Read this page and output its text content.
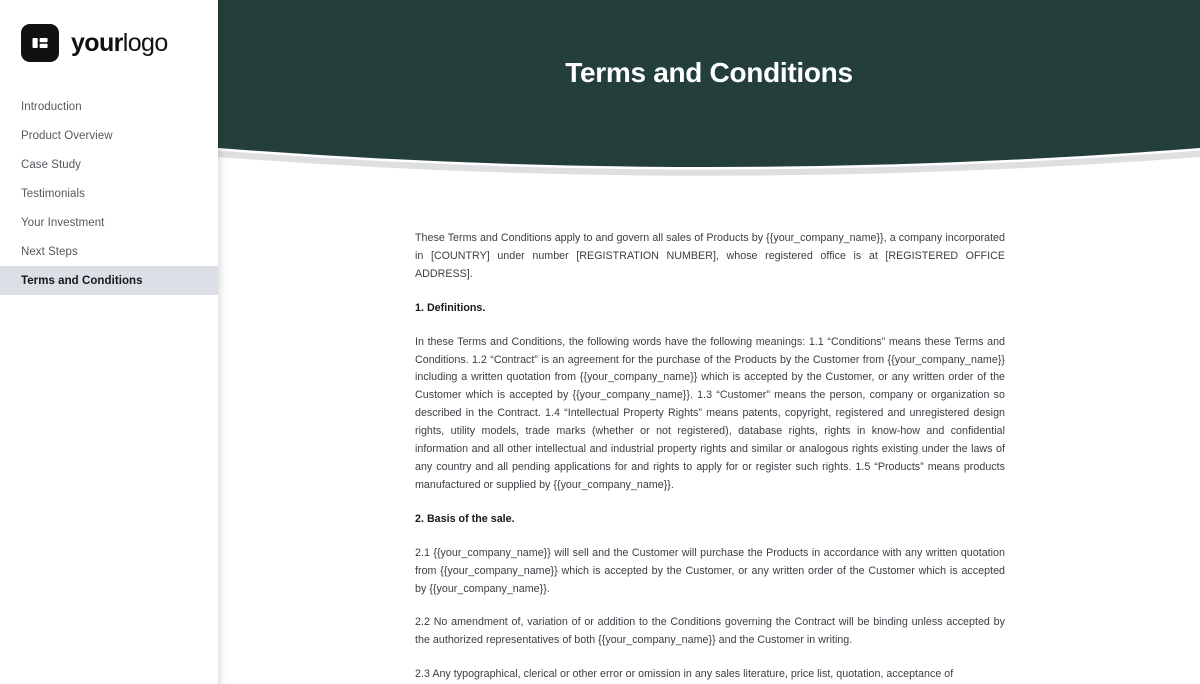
yourlogo
Introduction
Product Overview
Case Study
Testimonials
Your Investment
Next Steps
Terms and Conditions
Terms and Conditions

These Terms and Conditions apply to and govern all sales of Products by {{your_company_name}}, a company incorporated in [COUNTRY] under number [REGISTRATION NUMBER], whose registered office is at [REGISTERED OFFICE ADDRESS].

1. Definitions.

In these Terms and Conditions, the following words have the following meanings: 1.1 “Conditions” means these Terms and Conditions. 1.2 “Contract” is an agreement for the purchase of the Products by the Customer from {{your_company_name}} including a written quotation from {{your_company_name}} which is accepted by the Customer, or any written order of the Customer which is accepted by {{your_company_name}}. 1.3 “Customer” means the person, company or organization so described in the Contract. 1.4 “Intellectual Property Rights” means patents, copyright, registered and unregistered design rights, utility models, trade marks (whether or not registered), database rights, rights in know-how and confidential information and all other intellectual and industrial property rights and similar or analogous rights existing under the laws of any country and all pending applications for and rights to apply for or register such rights. 1.5 “Products” means products manufactured or supplied by {{your_company_name}}.

2. Basis of the sale.

2.1 {{your_company_name}} will sell and the Customer will purchase the Products in accordance with any written quotation from {{your_company_name}} which is accepted by the Customer, or any written order of the Customer which is accepted by {{your_company_name}}.

2.2 No amendment of, variation of or addition to the Conditions governing the Contract will be binding unless accepted by the authorized representatives of both {{your_company_name}} and the Customer in writing.

2.3 Any typographical, clerical or other error or omission in any sales literature, price list, quotation, acceptance of
